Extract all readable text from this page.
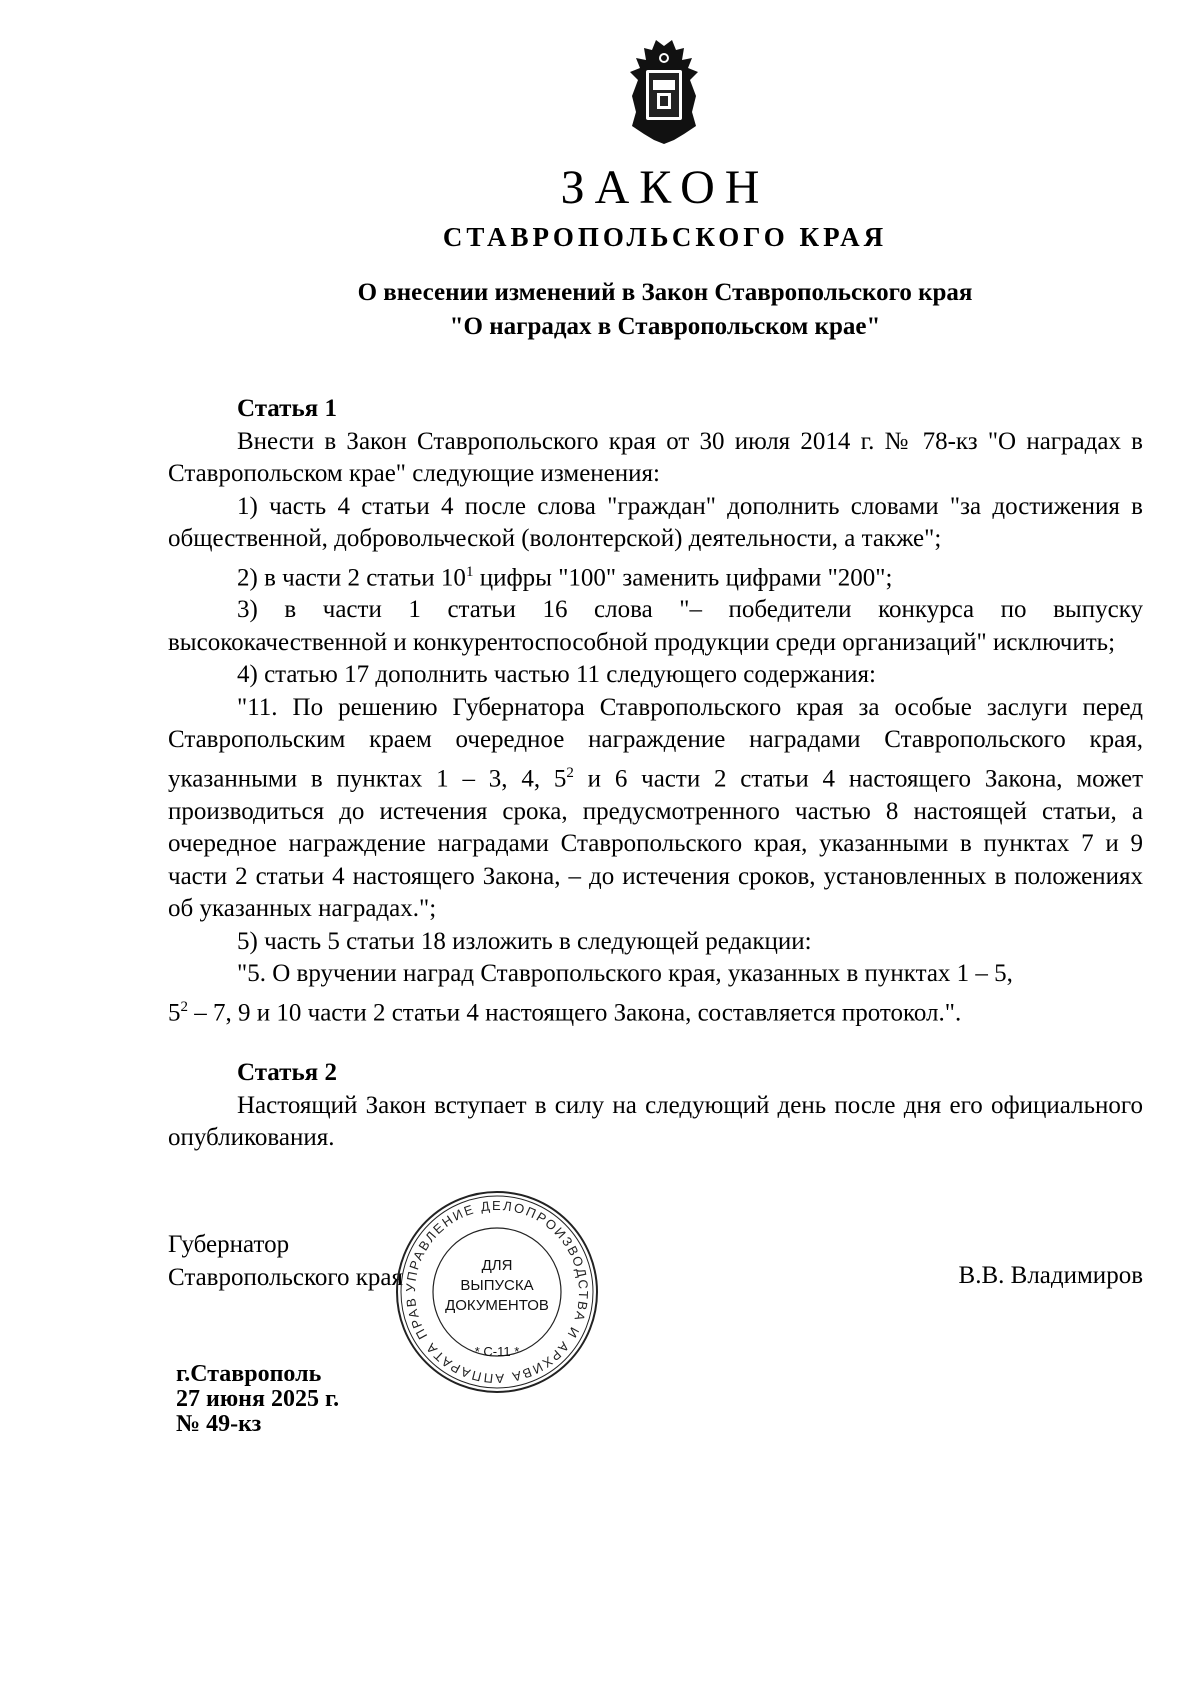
ЗАКОН
СТАВРОПОЛЬСКОГО КРАЯ
О внесении изменений в Закон Ставропольского края
"О наградах в Ставропольском крае"
Статья 1

Внести в Закон Ставропольского края от 30 июля 2014 г. № 78-кз "О наградах в Ставропольском крае" следующие изменения:

1) часть 4 статьи 4 после слова "граждан" дополнить словами "за достижения в общественной, добровольческой (волонтерской) деятельности, а также";

2) в части 2 статьи $10^1$ цифры "100" заменить цифрами "200";

3) в части 1 статьи 16 слова "– победители конкурса по выпуску высококачественной и конкурентоспособной продукции среди организаций" исключить;

4) статью 17 дополнить частью 11 следующего содержания:

"11. По решению Губернатора Ставропольского края за особые заслуги перед Ставропольским краем очередное награждение наградами Ставропольского края, указанными в пунктах 1 – 3, 4, $5^2$ и 6 части 2 статьи 4 настоящего Закона, может производиться до истечения срока, предусмотренного частью 8 настоящей статьи, а очередное награждение наградами Ставропольского края, указанными в пунктах 7 и 9 части 2 статьи 4 настоящего Закона, – до истечения сроков, установленных в положениях об указанных наградах.";

5) часть 5 статьи 18 изложить в следующей редакции:

"5. О вручении наград Ставропольского края, указанных в пунктах 1 – 5,

$5^2 - 7$, 9 и 10 части 2 статьи 4 настоящего Закона, составляется протокол.".

Статья 2

Настоящий Закон вступает в силу на следующий день после дня его официального опубликования.

Губернатор
Ставропольского края	В.В. Владимиров
УПРАВЛЕНИЕ ДЕЛОПРОИЗВОДСТВА И АРХИВА АППАРАТА ПРАВ
ДЛЯ
ВЫПУСКА
ДОКУМЕНТОВ
* С-11 *
г.Ставрополь
27 июня 2025 г.
№ 49-кз
